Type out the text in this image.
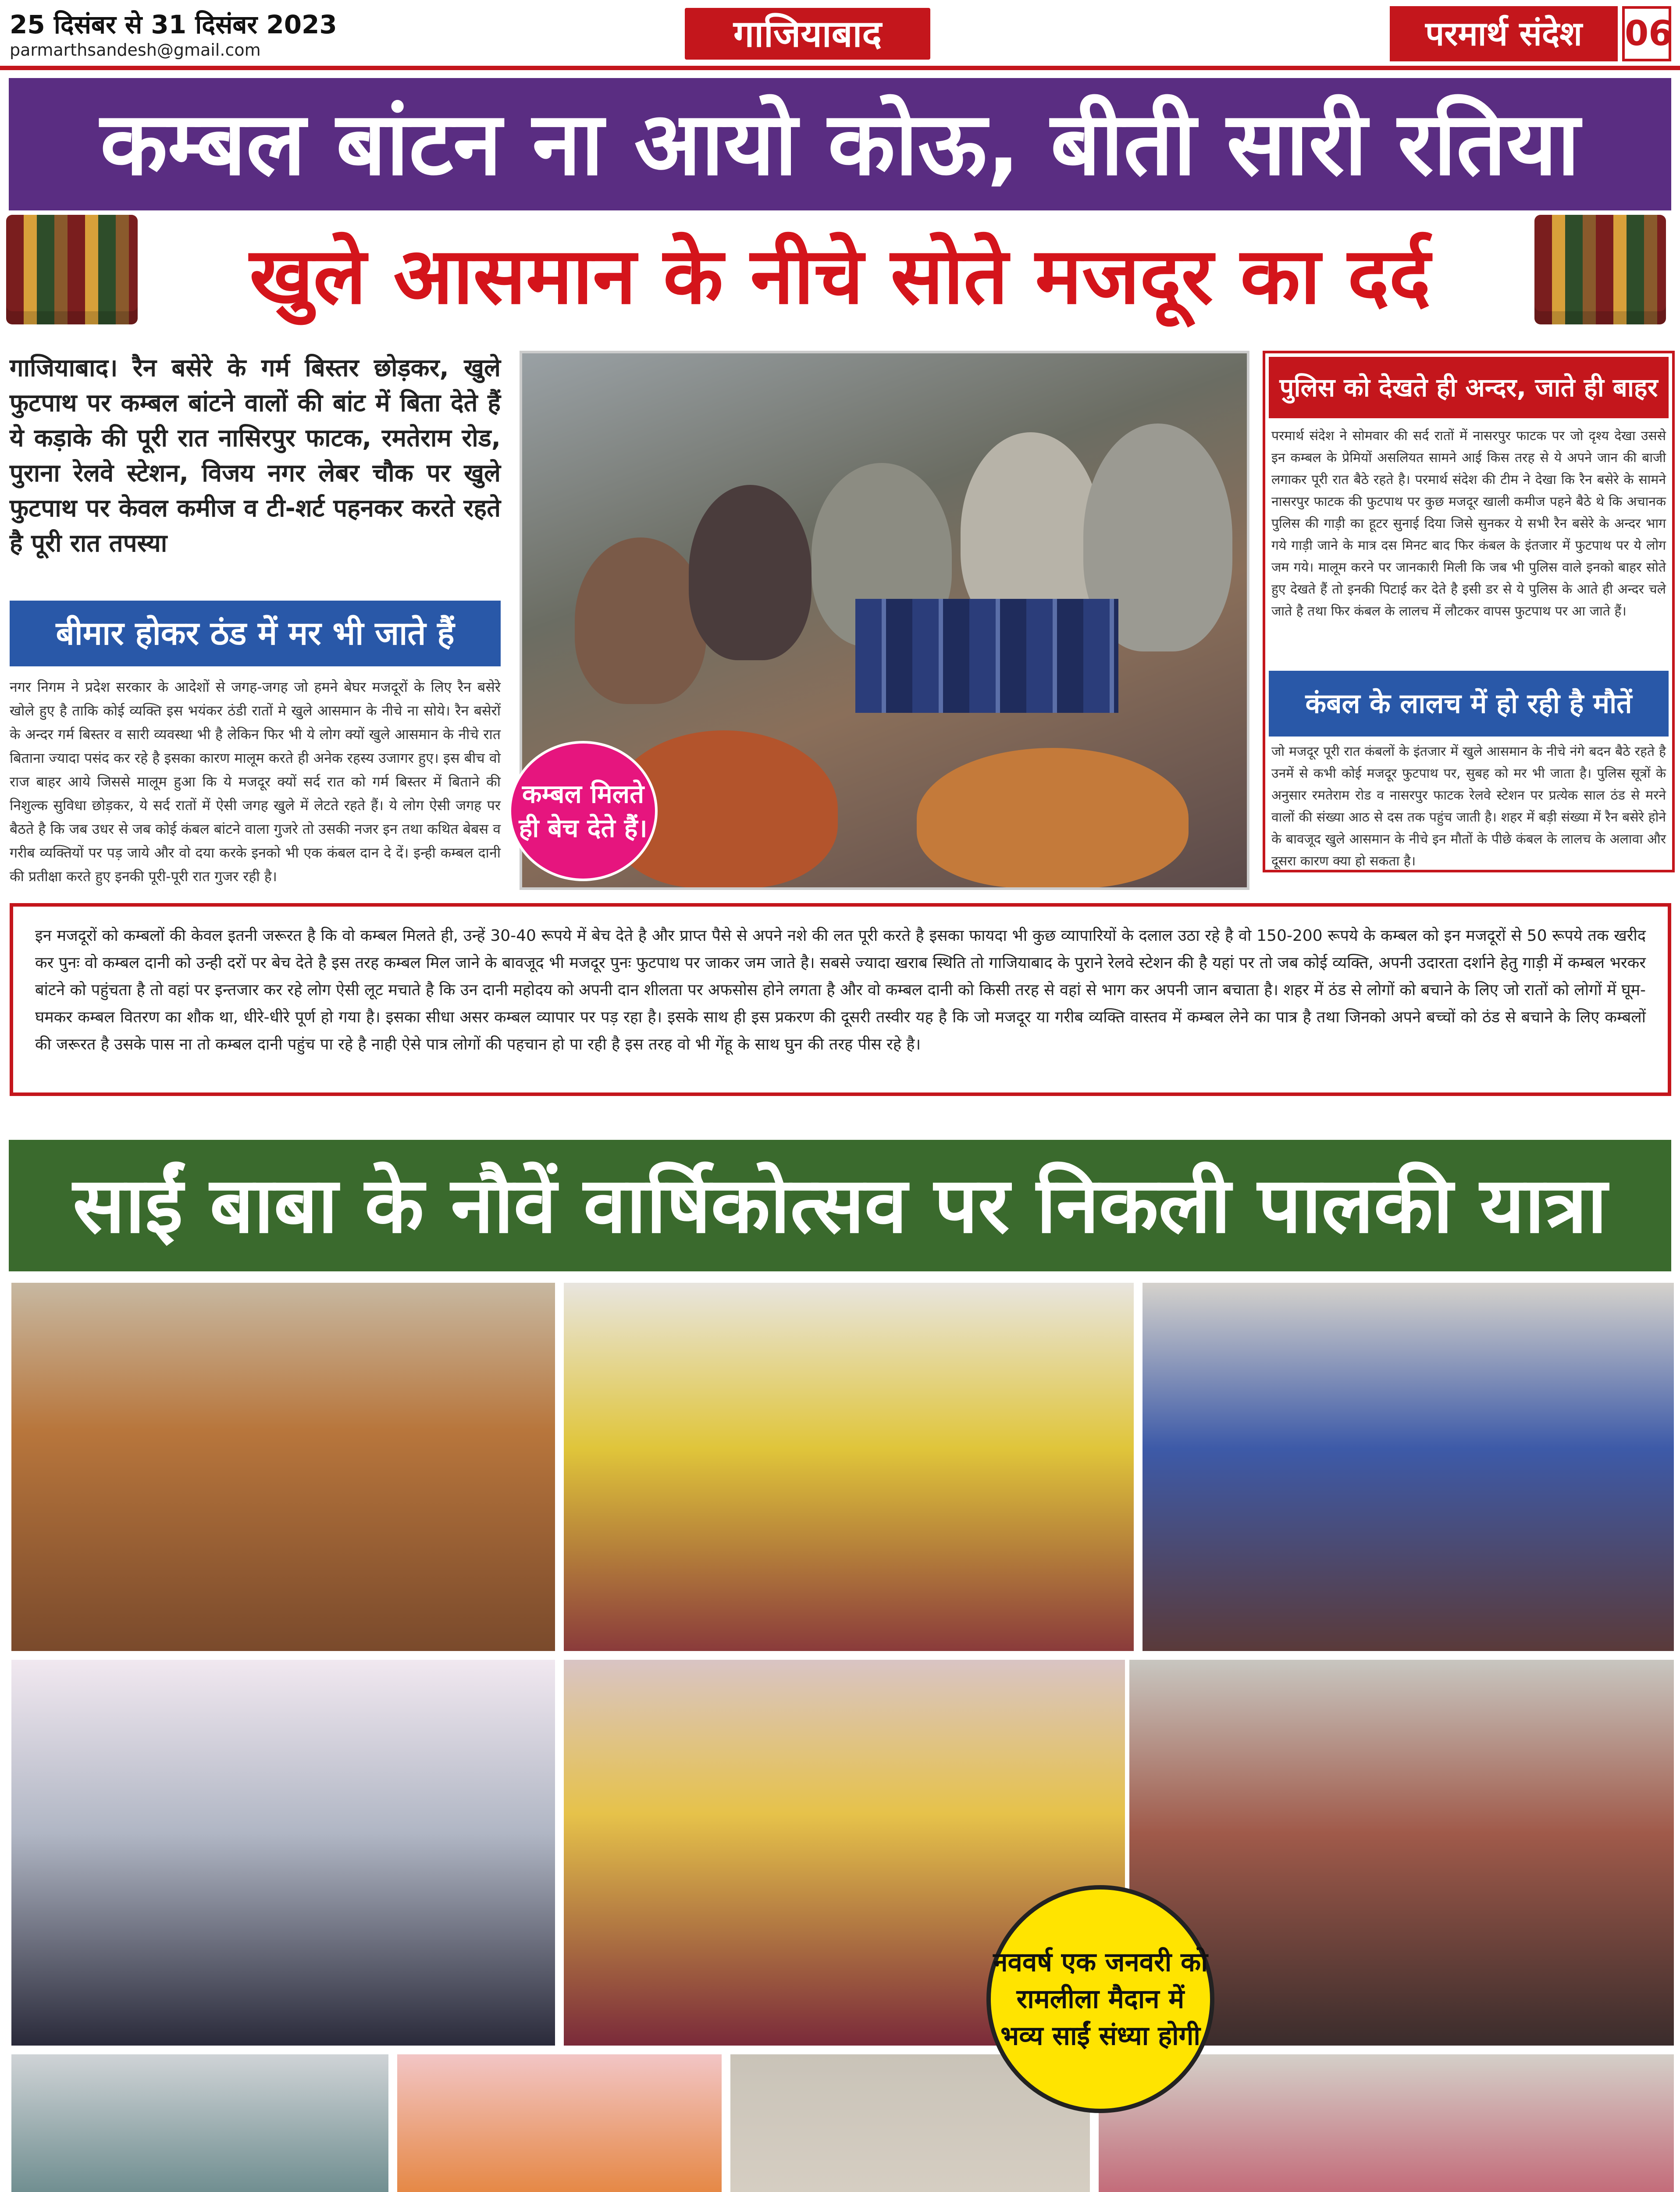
25 दिसंबर से 31 दिसंबर 2023
parmarthsandesh@gmail.com	गाजियाबाद	परमार्थ संदेश	06
कम्बल बांटन ना आयो कोऊ, बीती सारी रतिया
खुले आसमान के नीचे सोते मजदूर का दर्द
गाजियाबाद। रैन बसेरे के गर्म बिस्तर छोड़कर, खुले फुटपाथ पर कम्बल बांटने वालों की बांट में बिता देते हैं ये कड़ाके की पूरी रात नासिरपुर फाटक, रमतेराम रोड, पुराना रेलवे स्टेशन, विजय नगर लेबर चौक पर खुले फुटपाथ पर केवल कमीज व टी-शर्ट पहनकर करते रहते है पूरी रात तपस्या
बीमार होकर ठंड में मर भी जाते हैं
नगर निगम ने प्रदेश सरकार के आदेशों से जगह-जगह जो हमने बेघर मजदूरों के लिए रैन बसेरे खोले हुए है ताकि कोई व्यक्ति इस भयंकर ठंडी रातों मे खुले आसमान के नीचे ना सोये। रैन बसेरों के अन्दर गर्म बिस्तर व सारी व्यवस्था भी है लेकिन फिर भी ये लोग क्यों खुले आसमान के नीचे रात बिताना ज्यादा पसंद कर रहे है इसका कारण मालूम करते ही अनेक रहस्य उजागर हुए। इस बीच वो राज बाहर आये जिससे मालूम हुआ कि ये मजदूर क्यों सर्द रात को गर्म बिस्तर में बिताने की निशुल्क सुविधा छोड़कर, ये सर्द रातों में ऐसी जगह खुले में लेटते रहते हैं। ये लोग ऐसी जगह पर बैठते है कि जब उधर से जब कोई कंबल बांटने वाला गुजरे तो उसकी नजर इन तथा कथित बेबस व गरीब व्यक्तियों पर पड़ जाये और वो दया करके इनको भी एक कंबल दान दे दें। इन्ही कम्बल दानी की प्रतीक्षा करते हुए इनकी पूरी-पूरी रात गुजर रही है।
कम्बल मिलते ही बेच देते हैं।
पुलिस को देखते ही अन्दर, जाते ही बाहर
परमार्थ संदेश ने सोमवार की सर्द रातों में नासरपुर फाटक पर जो दृश्य देखा उससे इन कम्बल के प्रेमियों असलियत सामने आई किस तरह से ये अपने जान की बाजी लगाकर पूरी रात बैठे रहते है। परमार्थ संदेश की टीम ने देखा कि रैन बसेरे के सामने नासरपुर फाटक की फुटपाथ पर कुछ मजदूर खाली कमीज पहने बैठे थे कि अचानक पुलिस की गाड़ी का हूटर सुनाई दिया जिसे सुनकर ये सभी रैन बसेरे के अन्दर भाग गये गाड़ी जाने के मात्र दस मिनट बाद फिर कंबल के इंतजार में फुटपाथ पर ये लोग जम गये। मालूम करने पर जानकारी मिली कि जब भी पुलिस वाले इनको बाहर सोते हुए देखते हैं तो इनकी पिटाई कर देते है इसी डर से ये पुलिस के आते ही अन्दर चले जाते है तथा फिर कंबल के लालच में लौटकर वापस फुटपाथ पर आ जाते हैं।
कंबल के लालच में हो रही है मौतें
जो मजदूर पूरी रात कंबलों के इंतजार में खुले आसमान के नीचे नंगे बदन बैठे रहते है उनमें से कभी कोई मजदूर फुटपाथ पर, सुबह को मर भी जाता है। पुलिस सूत्रों के अनुसार रमतेराम रोड व नासरपुर फाटक रेलवे स्टेशन पर प्रत्येक साल ठंड से मरने वालों की संख्या आठ से दस तक पहुंच जाती है। शहर में बड़ी संख्या में रैन बसेरे होने के बावजूद खुले आसमान के नीचे इन मौतों के पीछे कंबल के लालच के अलावा और दूसरा कारण क्या हो सकता है।
इन मजदूरों को कम्बलों की केवल इतनी जरूरत है कि वो कम्बल मिलते ही, उन्हें 30-40 रूपये में बेच देते है और प्राप्त पैसे से अपने नशे की लत पूरी करते है इसका फायदा भी कुछ व्यापारियों के दलाल उठा रहे है वो 150-200 रूपये के कम्बल को इन मजदूरों से 50 रूपये तक खरीद कर पुनः वो कम्बल दानी को उन्ही दरों पर बेच देते है इस तरह कम्बल मिल जाने के बावजूद भी मजदूर पुनः फुटपाथ पर जाकर जम जाते है। सबसे ज्यादा खराब स्थिति तो गाजियाबाद के पुराने रेलवे स्टेशन की है यहां पर तो जब कोई व्यक्ति, अपनी उदारता दर्शाने हेतु गाड़ी में कम्बल भरकर बांटने को पहुंचता है तो वहां पर इन्तजार कर रहे लोग ऐसी लूट मचाते है कि उन दानी महोदय को अपनी दान शीलता पर अफसोस होने लगता है और वो कम्बल दानी को किसी तरह से वहां से भाग कर अपनी जान बचाता है। शहर में ठंड से लोगों को बचाने के लिए जो रातों को लोगों में घूम-घमकर कम्बल वितरण का शौक था, धीरे-धीरे पूर्ण हो गया है। इसका सीधा असर कम्बल व्यापार पर पड़ रहा है। इसके साथ ही इस प्रकरण की दूसरी तस्वीर यह है कि जो मजदूर या गरीब व्यक्ति वास्तव में कम्बल लेने का पात्र है तथा जिनको अपने बच्चों को ठंड से बचाने के लिए कम्बलों की जरूरत है उसके पास ना तो कम्बल दानी पहुंच पा रहे है नाही ऐसे पात्र लोगों की पहचान हो पा रही है इस तरह वो भी गेंहू के साथ घुन की तरह पीस रहे है।
साईं बाबा के नौवें वार्षिकोत्सव पर निकली पालकी यात्रा
नववर्ष एक जनवरी को रामलीला मैदान में भव्य साईं संध्या होगी
